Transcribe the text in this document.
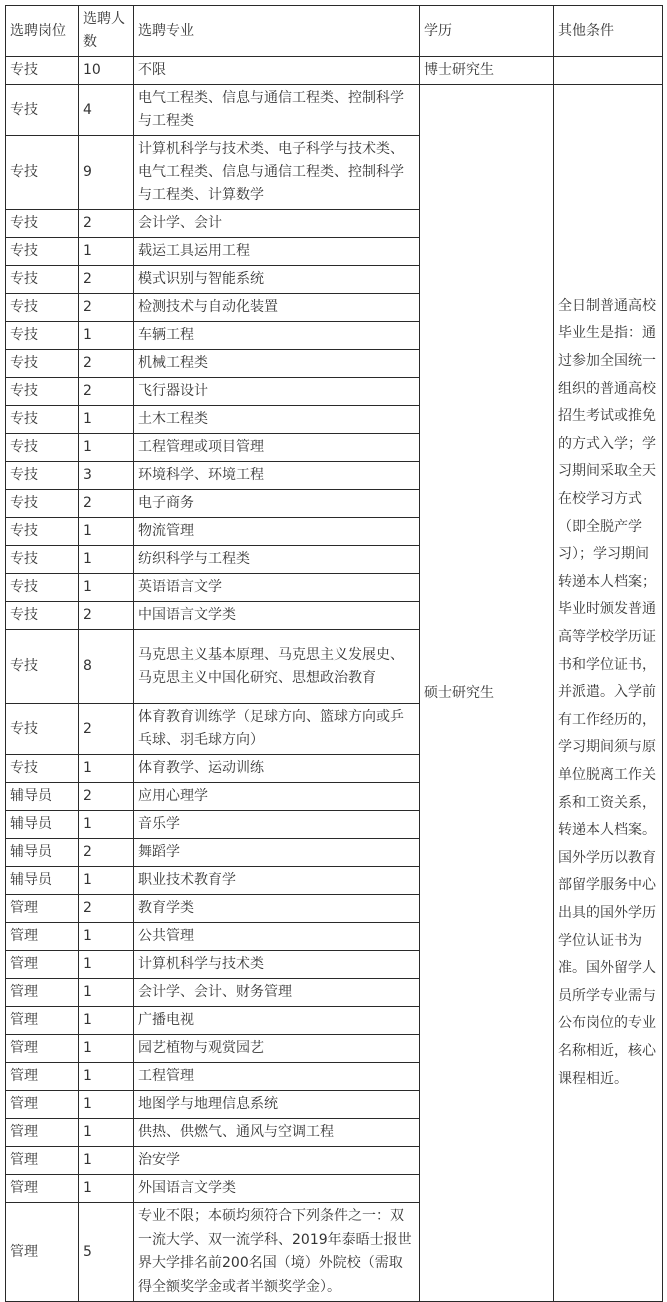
选聘岗位	选聘人数	选聘专业	学历	其他条件
专技	10	不限	博士研究生	
专技	4	电气工程类、信息与通信工程类、控制科学与工程类	硕士研究生	全日制普通高校毕业生是指：通过参加全国统一组织的普通高校招生考试或推免的方式入学；学习期间采取全天在校学习方式（即全脱产学习）；学习期间转递本人档案；毕业时颁发普通高等学校学历证书和学位证书，并派遣。入学前有工作经历的，学习期间须与原单位脱离工作关系和工资关系，转递本人档案。国外学历以教育部留学服务中心出具的国外学历学位认证书为准。国外留学人员所学专业需与公布岗位的专业名称相近，核心课程相近。
专技	9	计算机科学与技术类、电子科学与技术类、电气工程类、信息与通信工程类、控制科学与工程类、计算数学		
专技	2	会计学、会计		
专技	1	载运工具运用工程		
专技	2	模式识别与智能系统		
专技	2	检测技术与自动化装置		
专技	1	车辆工程		
专技	2	机械工程类		
专技	2	飞行器设计		
专技	1	土木工程类		
专技	1	工程管理或项目管理		
专技	3	环境科学、环境工程		
专技	2	电子商务		
专技	1	物流管理		
专技	1	纺织科学与工程类		
专技	1	英语语言文学		
专技	2	中国语言文学类		
专技	8	马克思主义基本原理、马克思主义发展史、马克思主义中国化研究、思想政治教育		
专技	2	体育教育训练学（足球方向、篮球方向或乒乓球、羽毛球方向）		
专技	1	体育教学、运动训练		
辅导员	2	应用心理学		
辅导员	1	音乐学		
辅导员	2	舞蹈学		
辅导员	1	职业技术教育学		
管理	2	教育学类		
管理	1	公共管理		
管理	1	计算机科学与技术类		
管理	1	会计学、会计、财务管理		
管理	1	广播电视		
管理	1	园艺植物与观赏园艺		
管理	1	工程管理		
管理	1	地图学与地理信息系统		
管理	1	供热、供燃气、通风与空调工程		
管理	1	治安学		
管理	1	外国语言文学类		
管理	5	专业不限；本硕均须符合下列条件之一：双一流大学、双一流学科、2019年泰晤士报世界大学排名前200名国（境）外院校（需取得全额奖学金或者半额奖学金）。		
